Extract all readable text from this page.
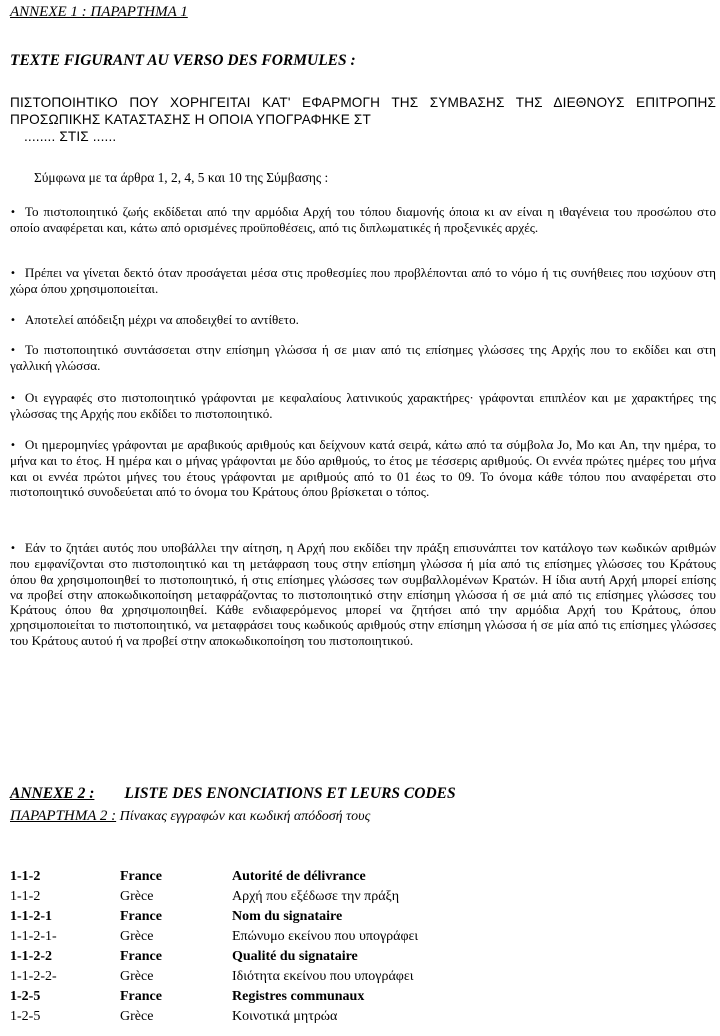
ANNEXE 1 : ΠΑΡΑΡΤΗΜΑ 1
TEXTE FIGURANT AU VERSO DES FORMULES :
ΠΙΣΤΟΠΟΙΗΤΙΚΟ ΠΟΥ ΧΟΡΗΓΕΙΤΑΙ ΚΑΤ' ΕΦΑΡΜΟΓΗ ΤΗΣ ΣΥΜΒΑΣΗΣ ΤΗΣ ΔΙΕΘΝΟΥΣ ΕΠΙΤΡΟΠΗΣ ΠΡΟΣΩΠΙΚΗΣ ΚΑΤΑΣΤΑΣΗΣ Η ΟΠΟΙΑ ΥΠΟΓΡΑΦΗΚΕ ΣΤ
........ ΣΤΙΣ ......
Σύμφωνα με τα άρθρα 1, 2, 4, 5 και 10 της Σύμβασης :
• Το πιστοποιητικό ζωής εκδίδεται από την αρμόδια Αρχή του τόπου διαμονής όποια κι αν είναι η ιθαγένεια του προσώπου στο οποίο αναφέρεται και, κάτω από ορισμένες προϋποθέσεις, από τις διπλωματικές ή προξενικές αρχές.
• Πρέπει να γίνεται δεκτό όταν προσάγεται μέσα στις προθεσμίες που προβλέπονται από το νόμο ή τις συνήθειες που ισχύουν στη χώρα όπου χρησιμοποιείται.
• Αποτελεί απόδειξη μέχρι να αποδειχθεί το αντίθετο.
• Το πιστοποιητικό συντάσσεται στην επίσημη γλώσσα ή σε μιαν από τις επίσημες γλώσσες της Αρχής που το εκδίδει και στη γαλλική γλώσσα.
• Οι εγγραφές στο πιστοποιητικό γράφονται με κεφαλαίους λατινικούς χαρακτήρες· γράφονται επιπλέον και με χαρακτήρες της γλώσσας της Αρχής που εκδίδει το πιστοποιητικό.
• Οι ημερομηνίες γράφονται με αραβικούς αριθμούς και δείχνουν κατά σειρά, κάτω από τα σύμβολα Jo, Mo και An, την ημέρα, το μήνα και το έτος. Η ημέρα και ο μήνας γράφονται με δύο αριθμούς, το έτος με τέσσερις αριθμούς. Οι εννέα πρώτες ημέρες του μήνα και οι εννέα πρώτοι μήνες του έτους γράφονται με αριθμούς από το 01 έως το 09. Το όνομα κάθε τόπου που αναφέρεται στο πιστοποιητικό συνοδεύεται από το όνομα του Κράτους όπου βρίσκεται ο τόπος.
• Εάν το ζητάει αυτός που υποβάλλει την αίτηση, η Αρχή που εκδίδει την πράξη επισυνάπτει τον κατάλογο των κωδικών αριθμών που εμφανίζονται στο πιστοποιητικό και τη μετάφραση τους στην επίσημη γλώσσα ή μία από τις επίσημες γλώσσες του Κράτους όπου θα χρησιμοποιηθεί το πιστοποιητικό, ή στις επίσημες γλώσσες των συμβαλλομένων Κρατών. Η ίδια αυτή Αρχή μπορεί επίσης να προβεί στην αποκωδικοποίηση μεταφράζοντας το πιστοποιητικό στην επίσημη γλώσσα ή σε μιά από τις επίσημες γλώσσες του Κράτους όπου θα χρησιμοποιηθεί. Κάθε ενδιαφερόμενος μπορεί να ζητήσει από την αρμόδια Αρχή του Κράτους, όπου χρησιμοποιείται το πιστοποιητικό, να μεταφράσει τους κωδικούς αριθμούς στην επίσημη γλώσσα ή σε μία από τις επίσημες γλώσσες του Κράτους αυτού ή να προβεί στην αποκωδικοποίηση του πιστοποιητικού.
ANNEXE 2 : LISTE DES ENONCIATIONS ET LEURS CODES
ΠΑΡΑΡΤΗΜΑ 2 : Πίνακας εγγραφών και κωδική απόδοσή τους
1-1-2	France	Autorité de délivrance
1-1-2	Grèce	Αρχή που εξέδωσε την πράξη
1-1-2-1	France	Nom du signataire
1-1-2-1-	Grèce	Επώνυμο εκείνου που υπογράφει
1-1-2-2	France	Qualité du signataire
1-1-2-2-	Grèce	Ιδιότητα εκείνου που υπογράφει
1-2-5	France	Registres communaux
1-2-5	Grèce	Κοινοτικά μητρώα
